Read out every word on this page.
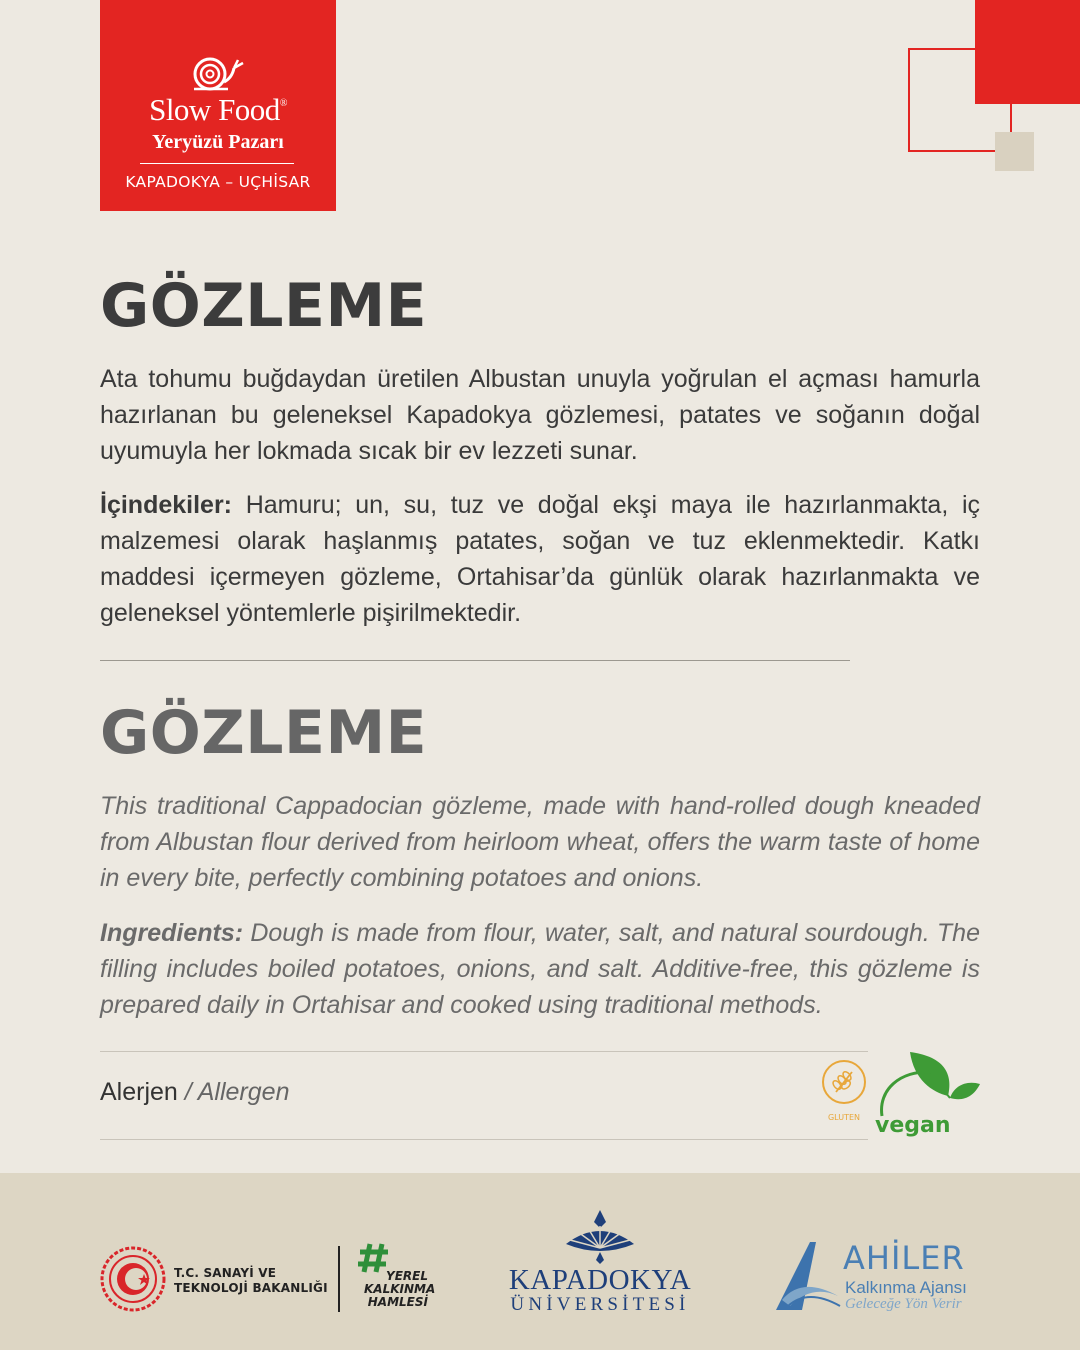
Slow Food®
Yeryüzü Pazarı
KAPADOKYA – UÇHİSAR
GÖZLEME

Ata tohumu buğdaydan üretilen Albustan unuyla yoğrulan el açması hamurla hazırlanan bu geleneksel Kapadokya gözlemesi, patates ve soğanın doğal uyumuyla her lokmada sıcak bir ev lezzeti sunar.

İçindekiler: Hamuru; un, su, tuz ve doğal ekşi maya ile hazırlanmakta, iç malzemesi olarak haşlanmış patates, soğan ve tuz eklenmektedir. Katkı maddesi içermeyen gözleme, Ortahisar’da günlük olarak hazırlanmakta ve geleneksel yöntemlerle pişirilmektedir.

GÖZLEME

This traditional Cappadocian gözleme, made with hand-rolled dough kneaded from Albustan flour derived from heirloom wheat, offers the warm taste of home in every bite, perfectly combining potatoes and onions.

Ingredients: Dough is made from flour, water, salt, and natural sourdough. The filling includes boiled potatoes, onions, and salt. Additive-free, this gözleme is prepared daily in Ortahisar and cooked using traditional methods.

Alerjen / Allergen
GLUTEN vegan
T.C. SANAYİ VE
TEKNOLOJİ BAKANLIĞI
YEREL
KALKINMA
HAMLESİ
KAPADOKYA
ÜNİVERSİTESİ
AHİLER
Kalkınma Ajansı
Geleceğe Yön Verir
